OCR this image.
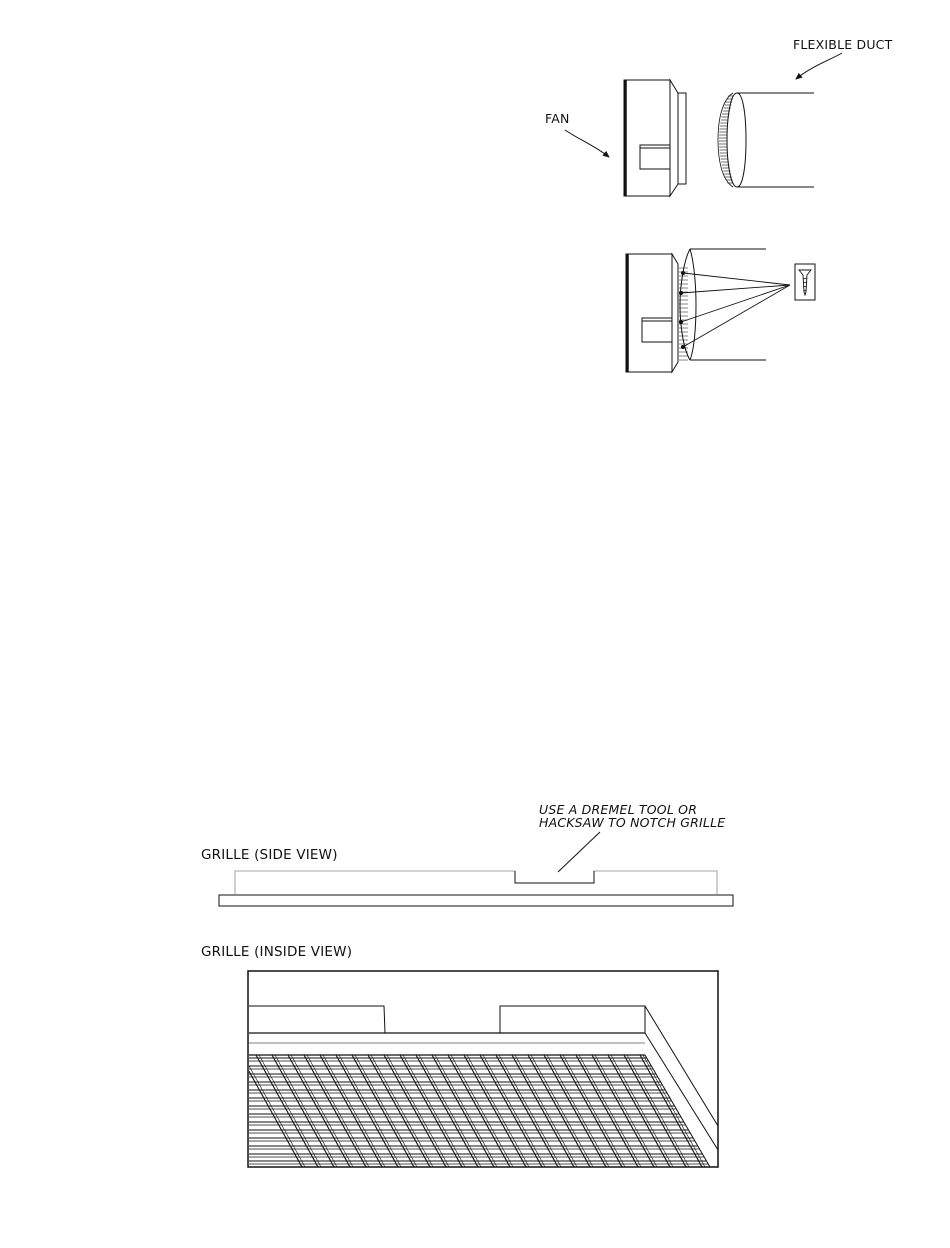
FLEXIBLE DUCT
FAN
USE A DREMEL TOOL OR
HACKSAW TO NOTCH GRILLE
GRILLE (SIDE VIEW)
GRILLE (INSIDE VIEW)
